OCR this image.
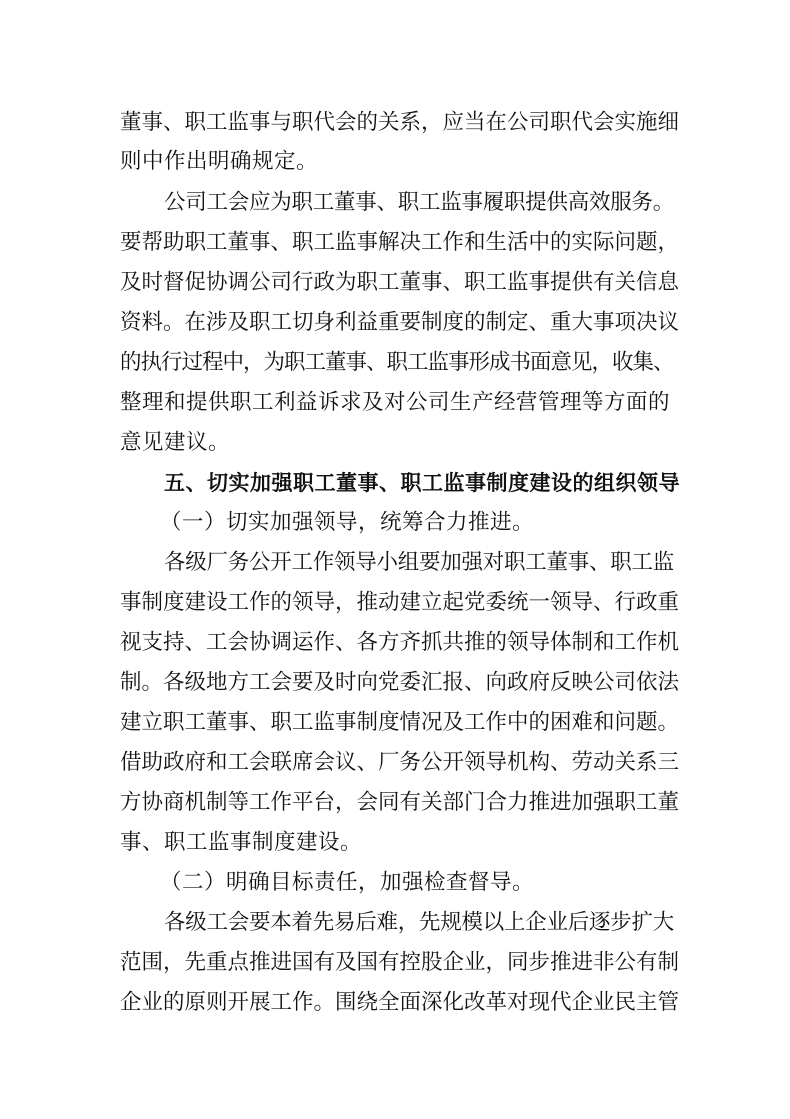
董事、职工监事与职代会的关系，应当在公司职代会实施细
则中作出明确规定。
公司工会应为职工董事、职工监事履职提供高效服务。
要帮助职工董事、职工监事解决工作和生活中的实际问题，
及时督促协调公司行政为职工董事、职工监事提供有关信息
资料。在涉及职工切身利益重要制度的制定、重大事项决议
的执行过程中，为职工董事、职工监事形成书面意见，收集、
整理和提供职工利益诉求及对公司生产经营管理等方面的
意见建议。
五、切实加强职工董事、职工监事制度建设的组织领导
（一）切实加强领导，统筹合力推进。
各级厂务公开工作领导小组要加强对职工董事、职工监
事制度建设工作的领导，推动建立起党委统一领导、行政重
视支持、工会协调运作、各方齐抓共推的领导体制和工作机
制。各级地方工会要及时向党委汇报、向政府反映公司依法
建立职工董事、职工监事制度情况及工作中的困难和问题。
借助政府和工会联席会议、厂务公开领导机构、劳动关系三
方协商机制等工作平台，会同有关部门合力推进加强职工董
事、职工监事制度建设。
（二）明确目标责任，加强检查督导。
各级工会要本着先易后难，先规模以上企业后逐步扩大
范围，先重点推进国有及国有控股企业，同步推进非公有制
企业的原则开展工作。围绕全面深化改革对现代企业民主管
